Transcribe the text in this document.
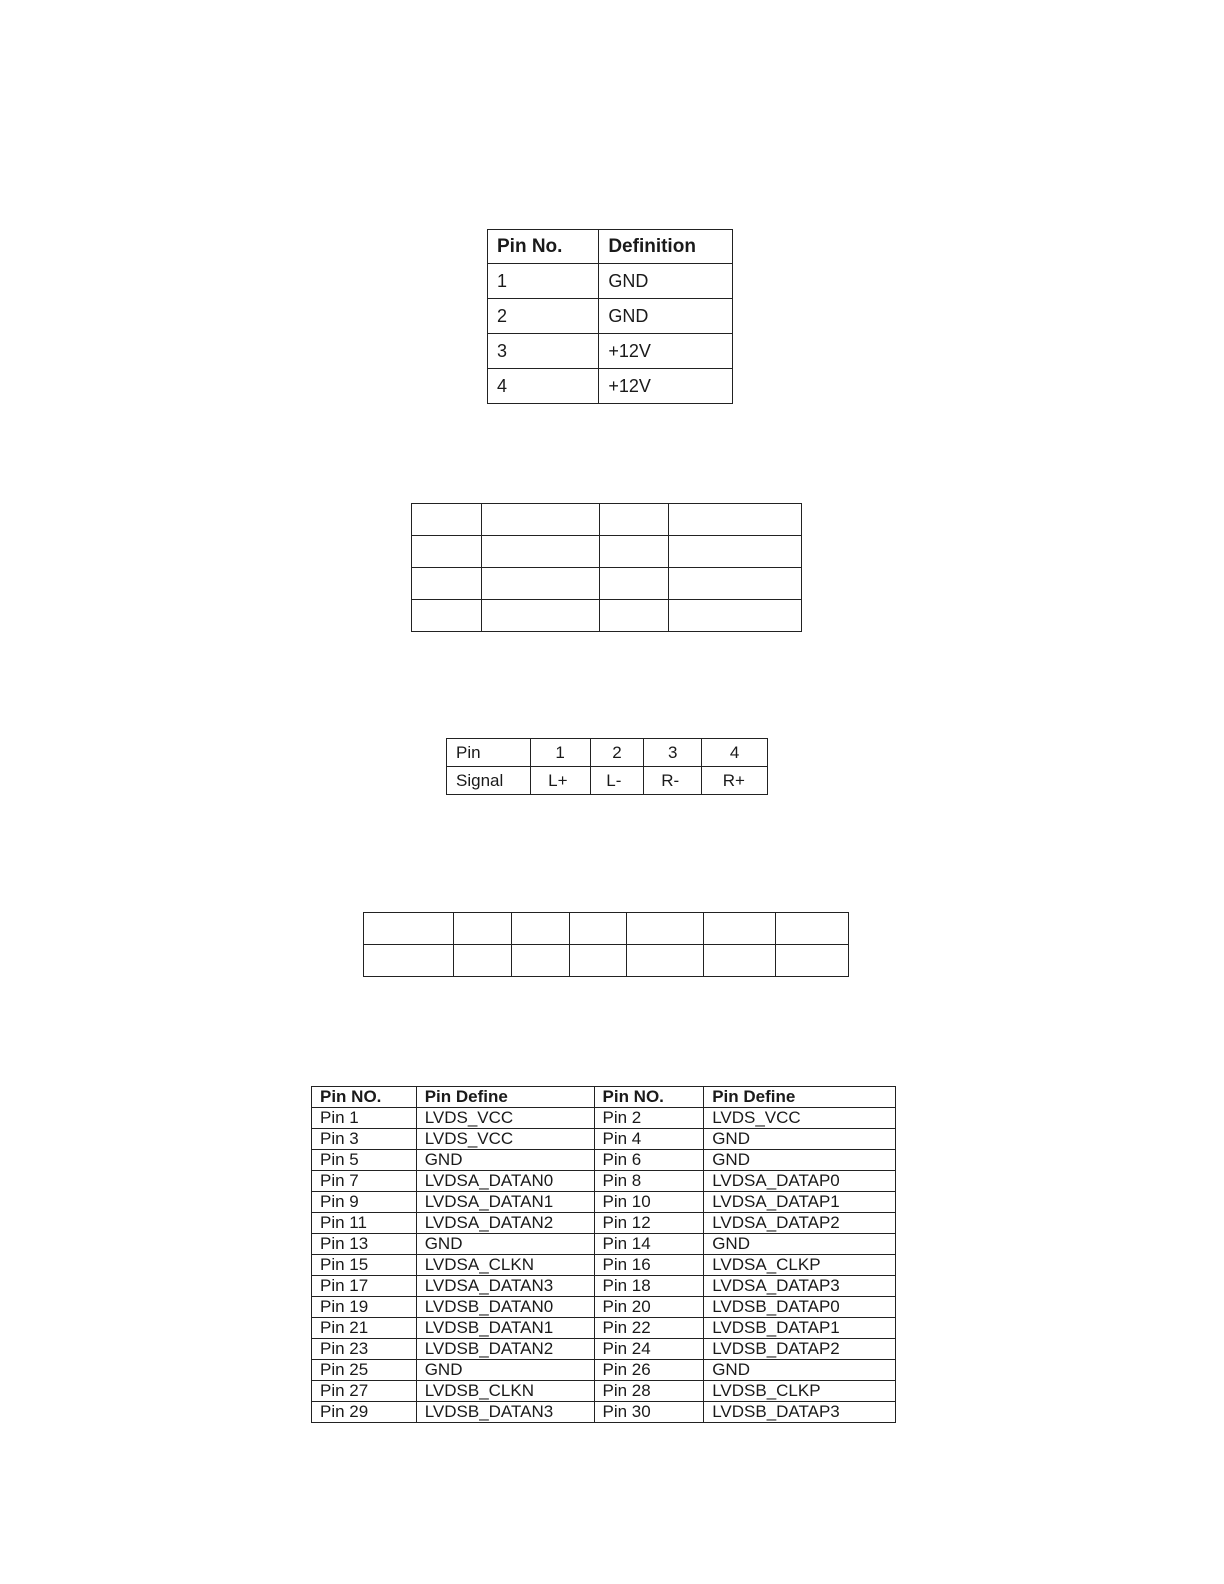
Pin No.	Definition
1	GND
2	GND
3	+12V
4	+12V

Pin	1	2	3	4
Signal	L+	L-	R-	R+

Pin NO.	Pin Define	Pin NO.	Pin Define
Pin 1	LVDS_VCC	Pin 2	LVDS_VCC
Pin 3	LVDS_VCC	Pin 4	GND
Pin 5	GND	Pin 6	GND
Pin 7	LVDSA_DATAN0	Pin 8	LVDSA_DATAP0
Pin 9	LVDSA_DATAN1	Pin 10	LVDSA_DATAP1
Pin 11	LVDSA_DATAN2	Pin 12	LVDSA_DATAP2
Pin 13	GND	Pin 14	GND
Pin 15	LVDSA_CLKN	Pin 16	LVDSA_CLKP
Pin 17	LVDSA_DATAN3	Pin 18	LVDSA_DATAP3
Pin 19	LVDSB_DATAN0	Pin 20	LVDSB_DATAP0
Pin 21	LVDSB_DATAN1	Pin 22	LVDSB_DATAP1
Pin 23	LVDSB_DATAN2	Pin 24	LVDSB_DATAP2
Pin 25	GND	Pin 26	GND
Pin 27	LVDSB_CLKN	Pin 28	LVDSB_CLKP
Pin 29	LVDSB_DATAN3	Pin 30	LVDSB_DATAP3
